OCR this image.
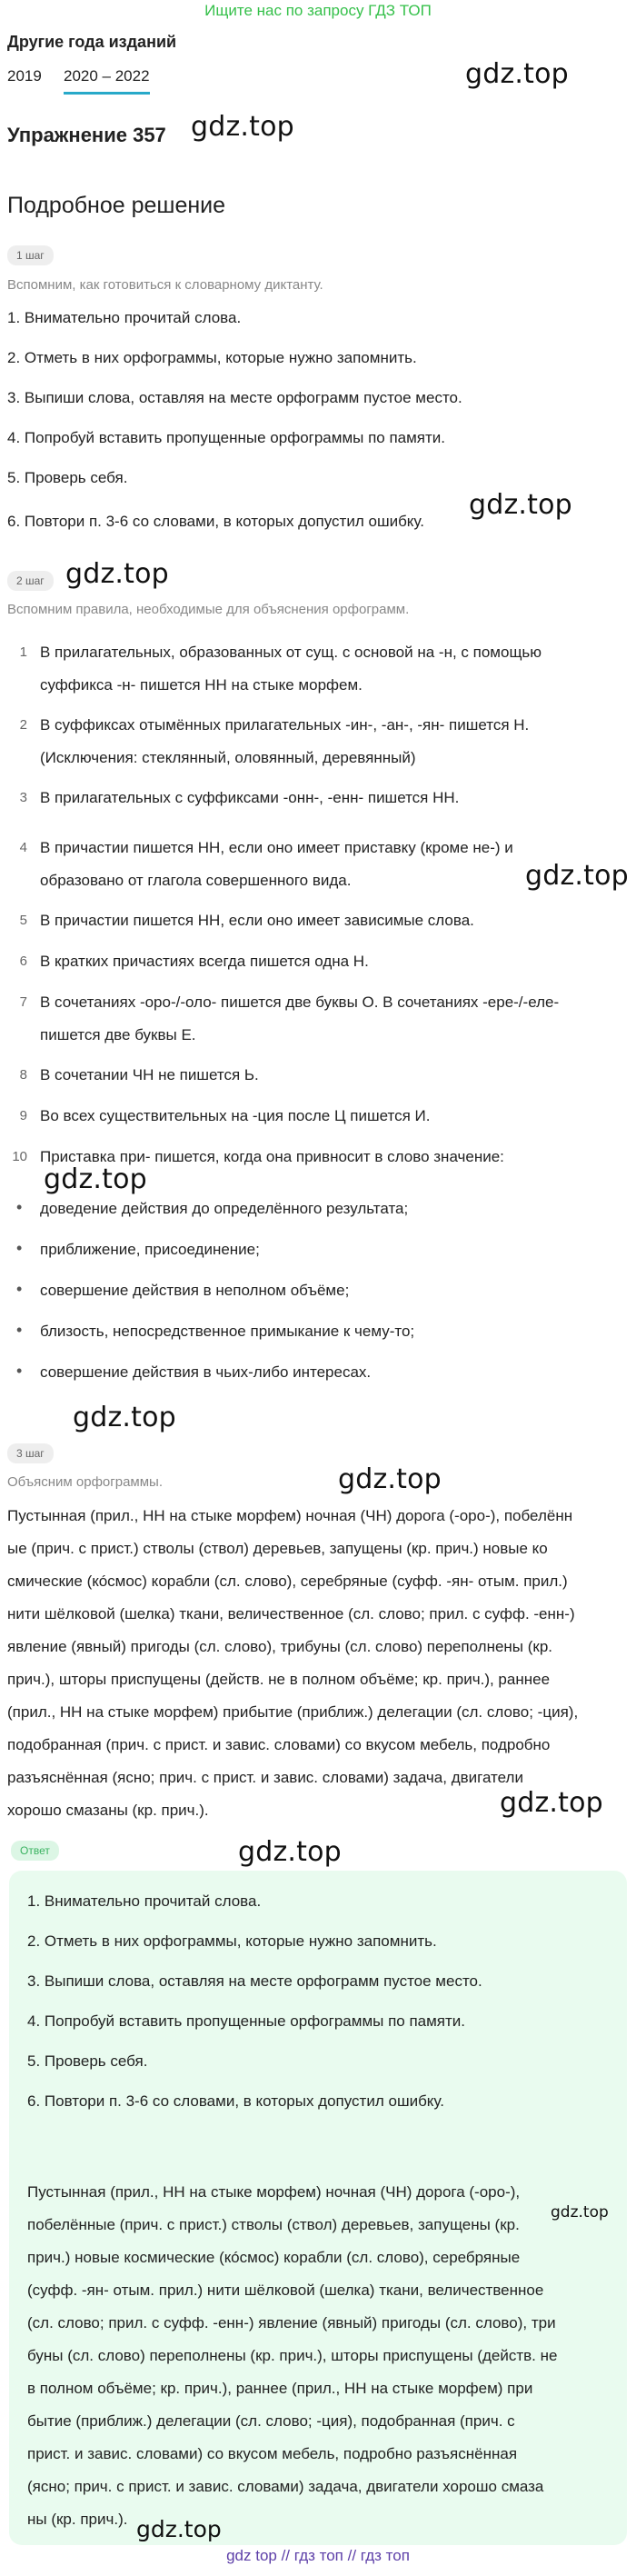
Ищите нас по запросу ГДЗ ТОП
Другие года изданий
2019 2020 – 2022	gdz.top
Упражнение 357 gdz.top
Подробное решение
1 шаг
Вспомним, как готовиться к словарному диктанту.
1. Внимательно прочитай слова.
2. Отметь в них орфограммы, которые нужно запомнить.
3. Выпиши слова, оставляя на месте орфограмм пустое место.
4. Попробуй вставить пропущенные орфограммы по памяти.
5. Проверь себя.
gdz.top
6. Повтори п. 3-6 со словами, в которых допустил ошибку.
2 шаг gdz.top
Вспомним правила, необходимые для объяснения орфограмм.
1 В прилагательных, образованных от сущ. с основой на -н, с помощью
суффикса -н- пишется НН на стыке морфем.
2 В суффиксах отымённых прилагательных -ин-, -ан-, -ян- пишется Н.
(Исключения: стеклянный, оловянный, деревянный)
3 В прилагательных с суффиксами -онн-, -енн- пишется НН.
4 В причастии пишется НН, если оно имеет приставку (кроме не-) и
образовано от глагола совершенного вида.	gdz.top
5 В причастии пишется НН, если оно имеет зависимые слова.
6 В кратких причастиях всегда пишется одна Н.
7 В сочетаниях -оро-/-оло- пишется две буквы О. В сочетаниях -ере-/-еле-
пишется две буквы Е.
8 В сочетании ЧН не пишется Ь.
9 Во всех существительных на -ция после Ц пишется И.
10 Приставка при- пишется, когда она привносит в слово значение:
gdz.top
• доведение действия до определённого результата;
• приближение, присоединение;
• совершение действия в неполном объёме;
• близость, непосредственное примыкание к чему-то;
• совершение действия в чьих-либо интересах.
gdz.top
3 шаг
Объясним орфограммы.	gdz.top
Пустынная (прил., НН на стыке морфем) ночная (ЧН) дорога (-оро-), побелённ
ые (прич. с прист.) стволы (ствол) деревьев, запущены (кр. прич.) новые ко
смические (кóсмос) корабли (сл. слово), серебряные (суфф. -ян- отым. прил.)
нити шёлковой (шелка) ткани, величественное (сл. слово; прил. с суфф. -енн-)
явление (явный) пригоды (сл. слово), трибуны (сл. слово) переполнены (кр.
прич.), шторы приспущены (действ. не в полном объёме; кр. прич.), раннее
(прил., НН на стыке морфем) прибытие (приближ.) делегации (сл. слово; -ция),
подобранная (прич. с прист. и завис. словами) со вкусом мебель, подробно
разъяснённая (ясно; прич. с прист. и завис. словами) задача, двигатели
хорошо смазаны (кр. прич.).	gdz.top
Ответ	gdz.top
1. Внимательно прочитай слова.
2. Отметь в них орфограммы, которые нужно запомнить.
3. Выпиши слова, оставляя на месте орфограмм пустое место.
4. Попробуй вставить пропущенные орфограммы по памяти.
5. Проверь себя.
6. Повтори п. 3-6 со словами, в которых допустил ошибку.
Пустынная (прил., НН на стыке морфем) ночная (ЧН) дорога (-оро-),
побелённые (прич. с прист.) стволы (ствол) деревьев, запущены (кр.
прич.) новые космические (кóсмос) корабли (сл. слово), серебряные
(суфф. -ян- отым. прил.) нити шёлковой (шелка) ткани, величественное
(сл. слово; прил. с суфф. -енн-) явление (явный) пригоды (сл. слово), три
буны (сл. слово) переполнены (кр. прич.), шторы приспущены (действ. не
в полном объёме; кр. прич.), раннее (прил., НН на стыке морфем) при
бытие (приближ.) делегации (сл. слово; -ция), подобранная (прич. с
прист. и завис. словами) со вкусом мебель, подробно разъяснённая
(ясно; прич. с прист. и завис. словами) задача, двигатели хорошо смаза
ны (кр. прич.).
gdz.top
gdz.top
gdz top // гдз топ // гдз топ
